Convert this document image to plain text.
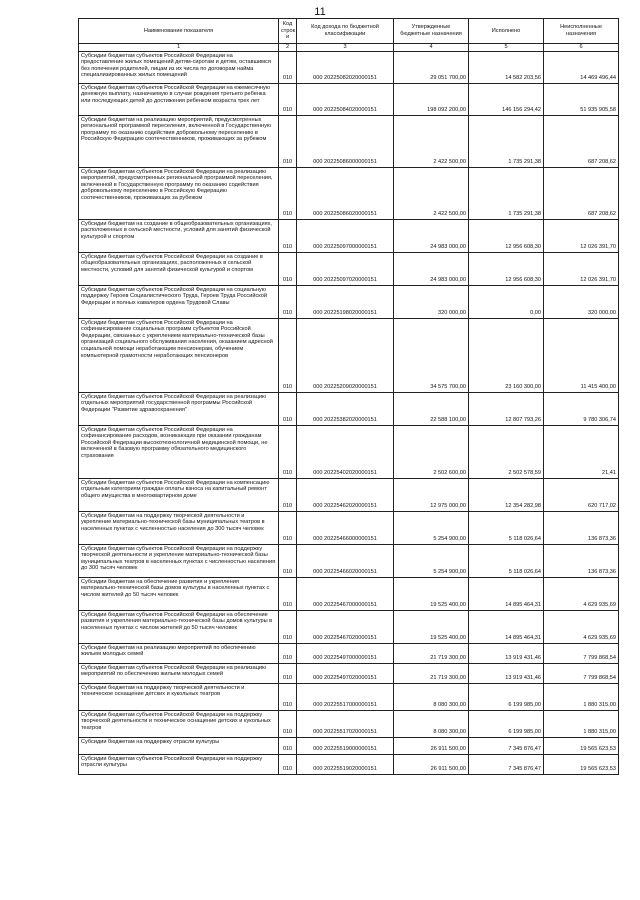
11
Наименование показателя	Код строк и	Код дохода по бюджетной классификации	Утвержденные бюджетные назначения	Исполнено	Неисполненные назначения
1	2	3	4	5	6
Субсидии бюджетам субъектов Российской Федерации на предоставление жилых помещений детям-сиротам и детям, оставшимся без попечения родителей, лицам из их числа по договорам найма специализированных жилых помещений	010	000 20225082020000151	29 051 700,00	14 582 203,56	14 469 496,44
Субсидии бюджетам субъектов Российской Федерации на ежемесячную денежную выплату, назначаемую в случае рождения третьего ребенка или последующих детей до достижения ребенком возраста трех лет	010	000 20225084020000151	198 092 200,00	146 156 294,42	51 935 905,58
Субсидии бюджетам на реализацию мероприятий, предусмотренных региональной программой переселения, включенной в Государственную программу по оказанию содействия добровольному переселению в Российскую Федерацию соотечественников, проживающих за рубежом	010	000 20225086000000151	2 422 500,00	1 735 291,38	687 208,62
Субсидии бюджетам субъектов Российской Федерации на реализацию мероприятий, предусмотренных региональной программой переселения, включенной в Государственную программу по оказанию содействия добровольному переселению в Российскую Федерацию соотечественников, проживающих за рубежом	010	000 20225086020000151	2 422 500,00	1 735 291,38	687 208,62
Субсидии бюджетам на создание в общеобразовательных организациях, расположенных в сельской местности, условий для занятий физической культурой и спортом	010	000 20225097000000151	24 983 000,00	12 956 608,30	12 026 391,70
Субсидии бюджетам субъектов Российской Федерации на создание в общеобразовательных организациях, расположенных в сельской местности, условий для занятий физической культурой и спортом	010	000 20225097020000151	24 983 000,00	12 956 608,30	12 026 391,70
Субсидии бюджетам субъектов Российской Федерации на социальную поддержку Героев Социалистического Труда, Героев Труда Российской Федерации и полных кавалеров ордена Трудовой Славы	010	000 20225198020000151	320 000,00	0,00	320 000,00
Субсидии бюджетам субъектов Российской Федерации на софинансирование социальных программ субъектов Российской Федерации, связанных с укреплением материально-технической базы организаций социального обслуживания населения, оказанием адресной социальной помощи неработающим пенсионерам, обучением компьютерной грамотности неработающих пенсионеров	010	000 20225209020000151	34 575 700,00	23 160 300,00	11 415 400,00
Субсидии бюджетам субъектов Российской Федерации на реализацию отдельных мероприятий государственной программы Российской Федерации "Развитие здравоохранения"	010	000 20225382020000151	22 588 100,00	12 807 793,26	9 780 306,74
Субсидии бюджетам субъектов Российской Федерации на софинансирование расходов, возникающих при оказании гражданам Российской Федерации высокотехнологичной медицинской помощи, не включенной в базовую программу обязательного медицинского страхования	010	000 20225402020000151	2 502 600,00	2 502 578,59	21,41
Субсидии бюджетам субъектов Российской Федерации на компенсацию отдельным категориям граждан оплаты взноса на капитальный ремонт общего имущества в многоквартирном доме	010	000 20225462020000151	12 975 000,00	12 354 282,98	620 717,02
Субсидии бюджетам на поддержку творческой деятельности и укрепление материально-технической базы муниципальных театров в населенных пунктах с численностью населения до 300 тысяч человек	010	000 20225466000000151	5 254 900,00	5 118 026,64	136 873,36
Субсидии бюджетам субъектов Российской Федерации на поддержку творческой деятельности и укрепление материально-технической базы муниципальных театров в населенных пунктах с численностью населения до 300 тысяч человек	010	000 20225466020000151	5 254 900,00	5 118 026,64	136 873,36
Субсидии бюджетам на обеспечение развития и укрепления материально-технической базы домов культуры в населенных пунктах с числом жителей до 50 тысяч человек	010	000 20225467000000151	19 525 400,00	14 895 464,31	4 629 935,69
Субсидии бюджетам субъектов Российской Федерации на обеспечение развития и укрепления материально-технической базы домов культуры в населенных пунктах с числом жителей до 50 тысяч человек	010	000 20225467020000151	19 525 400,00	14 895 464,31	4 629 935,69
Субсидии бюджетам на реализацию мероприятий по обеспечению жильем молодых семей	010	000 20225497000000151	21 719 300,00	13 919 431,46	7 799 868,54
Субсидии бюджетам субъектов Российской Федерации на реализацию мероприятий по обеспечению жильем молодых семей	010	000 20225497020000151	21 719 300,00	13 919 431,46	7 799 868,54
Субсидии бюджетам на поддержку творческой деятельности и техническое оснащение детских и кукольных театров	010	000 20225517000000151	8 080 300,00	6 199 985,00	1 880 315,00
Субсидии бюджетам субъектов Российской Федерации на поддержку творческой деятельности и техническое оснащение детских и кукольных театров	010	000 20225517020000151	8 080 300,00	6 199 985,00	1 880 315,00
Субсидии бюджетам на поддержку отрасли культуры	010	000 20225519000000151	26 911 500,00	7 345 876,47	19 565 623,53
Субсидии бюджетам субъектов Российской Федерации на поддержку отрасли культуры	010	000 20225519020000151	26 911 500,00	7 345 876,47	19 565 623,53
